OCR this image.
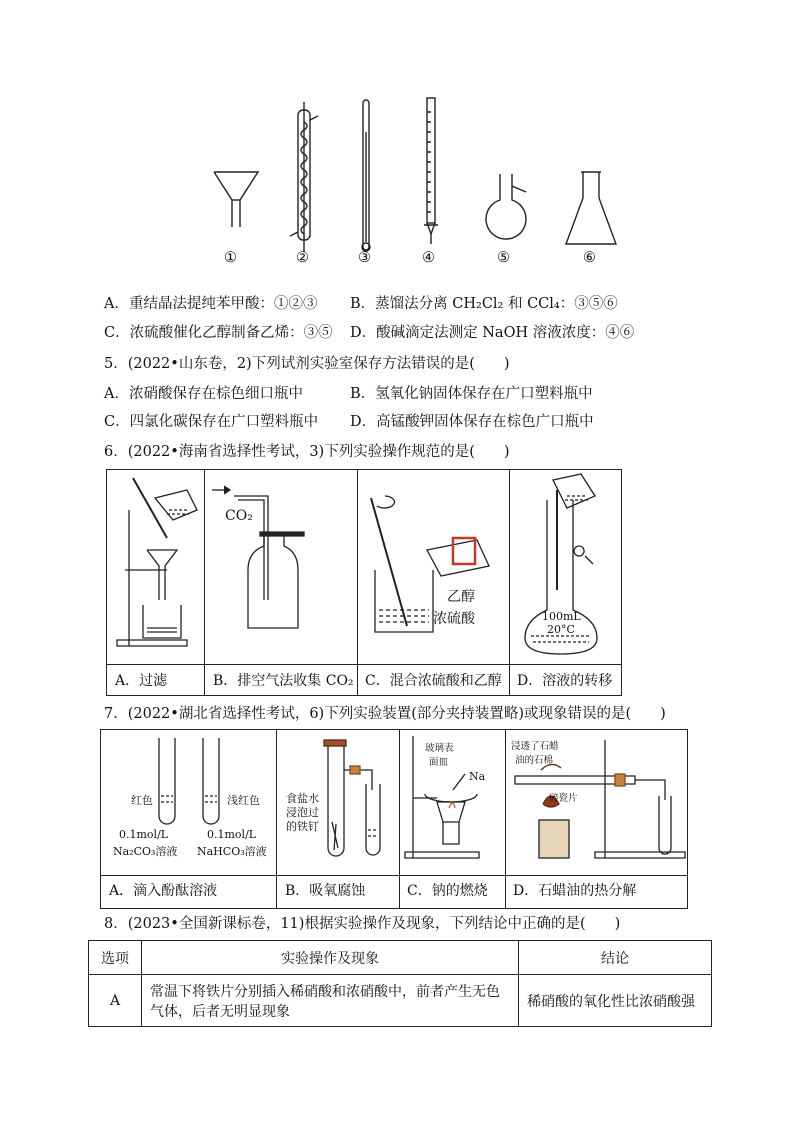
①	②	③	④	⑤	⑥
A．重结晶法提纯苯甲酸：①②③ B．蒸馏法分离 CH₂Cl₂ 和 CCl₄：③⑤⑥
C．浓硫酸催化乙醇制备乙烯：③⑤ D．酸碱滴定法测定 NaOH 溶液浓度：④⑥
5．(2022•山东卷，2)下列试剂实验室保存方法错误的是(　　)
A．浓硝酸保存在棕色细口瓶中	B．氢氧化钠固体保存在广口塑料瓶中
C．四氯化碳保存在广口塑料瓶中 D．高锰酸钾固体保存在棕色广口瓶中
6．(2022•海南省选择性考试，3)下列实验操作规范的是(　　)
CO₂
乙醇
浓硫酸	100mL
20°C
A．过滤	B．排空气法收集 CO₂ C．混合浓硫酸和乙醇 D．溶液的转移
7．(2022•湖北省选择性考试，6)下列实验装置(部分夹持装置略)或现象错误的是(　　)
红色	浅红色
0.1mol/L
Na₂CO₃溶液
0.1mol/L
NaHCO₃溶液
食盐水
浸泡过
的铁钉
玻璃表
面皿
Na
浸透了石蜡
油的石棉
碎瓷片
A．滴入酚酞溶液	B．吸氧腐蚀	C．钠的燃烧 D．石蜡油的热分解
8．(2023•全国新课标卷，11)根据实验操作及现象，下列结论中正确的是(　　)
选项	实验操作及现象	结论
A	常温下将铁片分别插入稀硝酸和浓硝酸中，前者产生无色
气体，后者无明显现象	稀硝酸的氧化性比浓硝酸强
